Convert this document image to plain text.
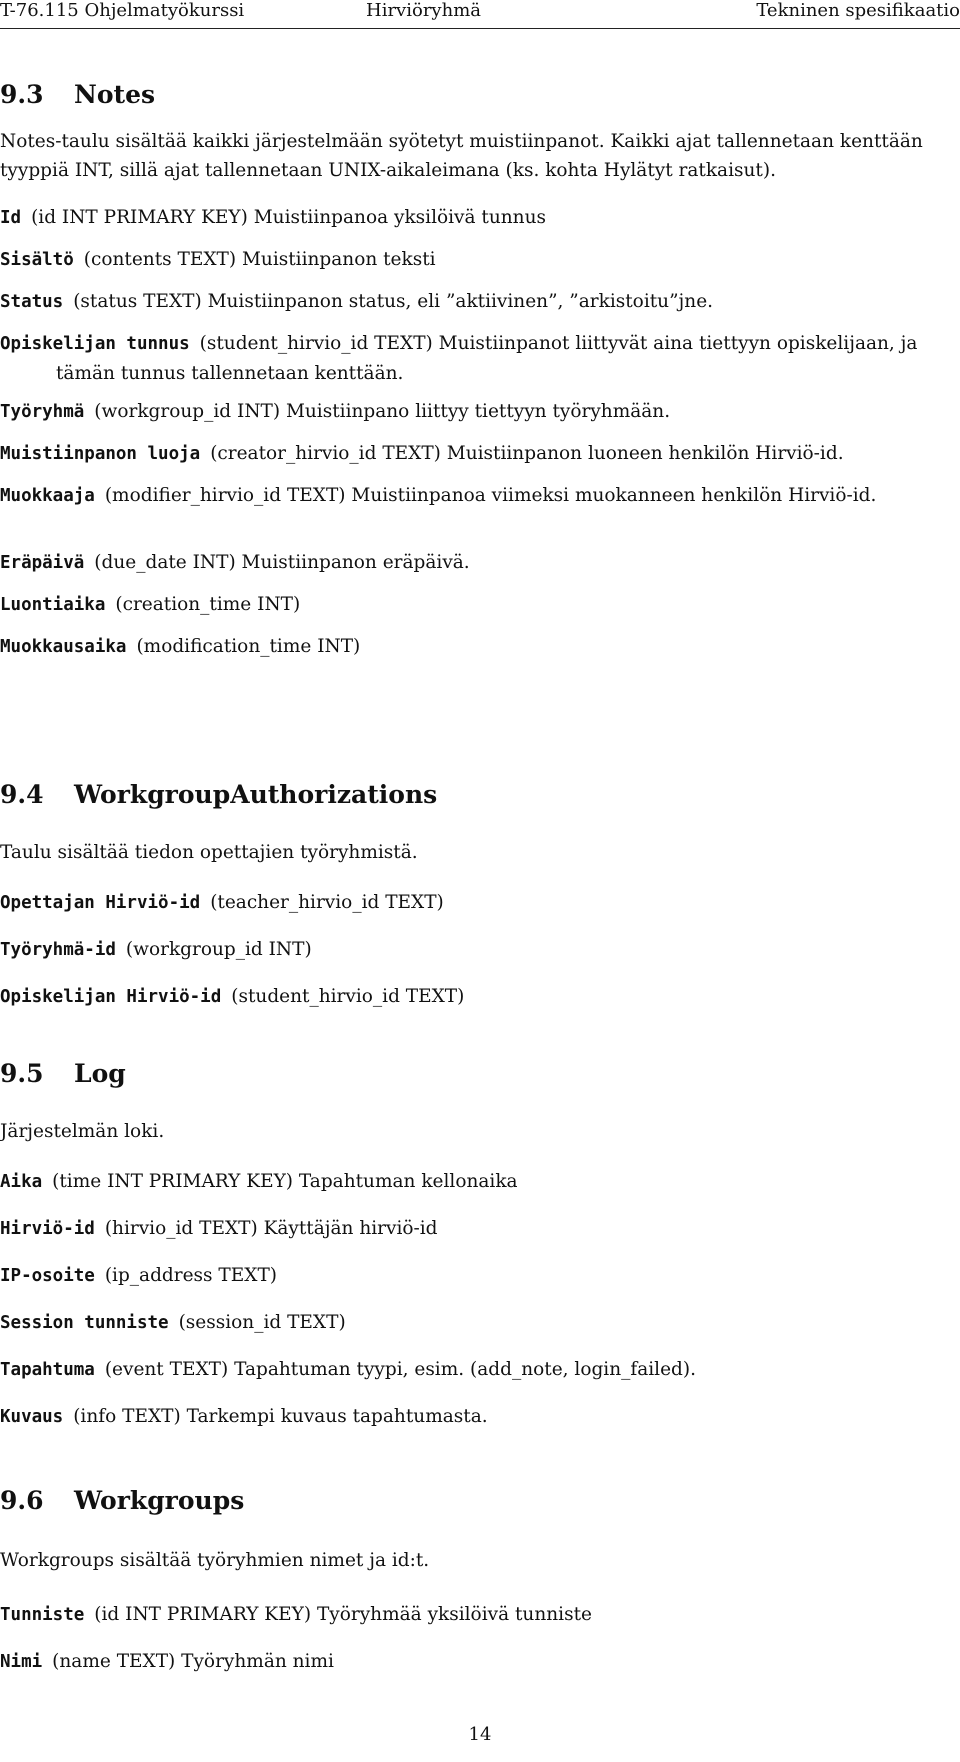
T-76.115 Ohjelmatyökurssi	Hirviöryhmä	Tekninen spesifikaatio
9.3 Notes

Notes-taulu sisältää kaikki järjestelmään syötetyt muistiinpanot. Kaikki ajat tallennetaan kenttään tyyppiä INT, sillä ajat tallennetaan UNIX-aikaleimana (ks. kohta Hylätyt ratkaisut).

Id (id INT PRIMARY KEY) Muistiinpanoa yksilöivä tunnus

Sisältö (contents TEXT) Muistiinpanon teksti

Status (status TEXT) Muistiinpanon status, eli ”aktiivinen”, ”arkistoitu”jne.

Opiskelijan tunnus (student_hirvio_id TEXT) Muistiinpanot liittyvät aina tiettyyn opiskelijaan, ja tämän tunnus tallennetaan kenttään.

Työryhmä (workgroup_id INT) Muistiinpano liittyy tiettyyn työryhmään.

Muistiinpanon luoja (creator_hirvio_id TEXT) Muistiinpanon luoneen henkilön Hirviö-id.

Muokkaaja (modifier_hirvio_id TEXT) Muistiinpanoa viimeksi muokanneen henkilön Hirviö-id.

Eräpäivä (due_date INT) Muistiinpanon eräpäivä.

Luontiaika (creation_time INT)

Muokkausaika (modification_time INT)

9.4 WorkgroupAuthorizations

Taulu sisältää tiedon opettajien työryhmistä.

Opettajan Hirviö-id (teacher_hirvio_id TEXT)

Työryhmä-id (workgroup_id INT)

Opiskelijan Hirviö-id (student_hirvio_id TEXT)

9.5 Log

Järjestelmän loki.

Aika (time INT PRIMARY KEY) Tapahtuman kellonaika

Hirviö-id (hirvio_id TEXT) Käyttäjän hirviö-id

IP-osoite (ip_address TEXT)

Session tunniste (session_id TEXT)

Tapahtuma (event TEXT) Tapahtuman tyypi, esim. (add_note, login_failed).

Kuvaus (info TEXT) Tarkempi kuvaus tapahtumasta.

9.6 Workgroups

Workgroups sisältää työryhmien nimet ja id:t.

Tunniste (id INT PRIMARY KEY) Työryhmää yksilöivä tunniste

Nimi (name TEXT) Työryhmän nimi

14
